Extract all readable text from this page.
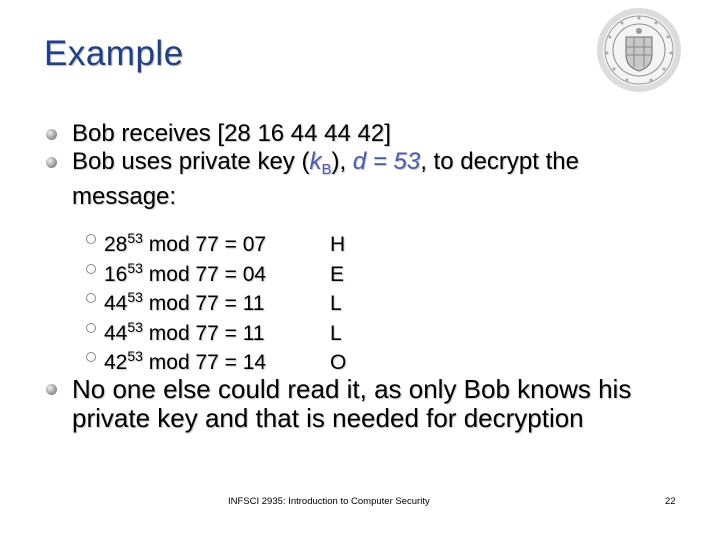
Example
Bob receives [28 16 44 44 42]
Bob uses private key $(k_B)$, d = 53, to decrypt the message:
$28^{53}$ mod 77 = 07	H
$16^{53}$ mod 77 = 04	E
$44^{53}$ mod 77 = 11	L
$44^{53}$ mod 77 = 11	L
$42^{53}$ mod 77 = 14	O
No one else could read it, as only Bob knows his private key and that is needed for decryption
INFSCI 2935: Introduction to Computer Security	22
